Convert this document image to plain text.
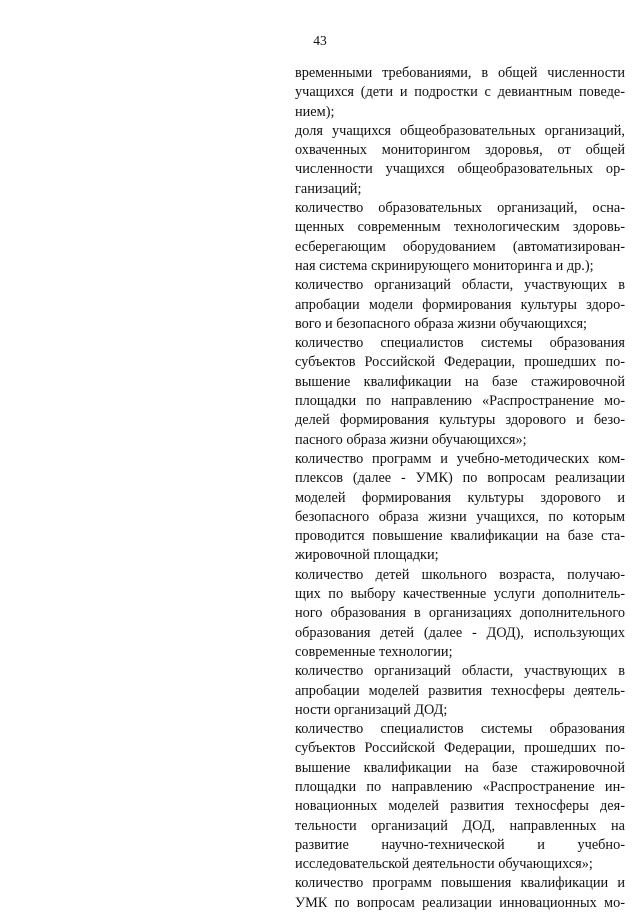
43
временными требованиями, в общей численности
учащихся (дети и подростки с девиантным поведе-
нием);
доля учащихся общеобразовательных организаций,
охваченных мониторингом здоровья, от общей
численности учащихся общеобразовательных ор-
ганизаций;
количество образовательных организаций, осна-
щенных современным технологическим здоровь-
есберегающим оборудованием (автоматизирован-
ная система скринирующего мониторинга и др.);
количество организаций области, участвующих в
апробации модели формирования культуры здоро-
вого и безопасного образа жизни обучающихся;
количество специалистов системы образования
субъектов Российской Федерации, прошедших по-
вышение квалификации на базе стажировочной
площадки по направлению «Распространение мо-
делей формирования культуры здорового и безо-
пасного образа жизни обучающихся»;
количество программ и учебно-методических ком-
плексов (далее - УМК) по вопросам реализации
моделей формирования культуры здорового и
безопасного образа жизни учащихся, по которым
проводится повышение квалификации на базе ста-
жировочной площадки;
количество детей школьного возраста, получаю-
щих по выбору качественные услуги дополнитель-
ного образования в организациях дополнительного
образования детей (далее - ДОД), использующих
современные технологии;
количество организаций области, участвующих в
апробации моделей развития техносферы деятель-
ности организаций ДОД;
количество специалистов системы образования
субъектов Российской Федерации, прошедших по-
вышение квалификации на базе стажировочной
площадки по направлению «Распространение ин-
новационных моделей развития техносферы дея-
тельности организаций ДОД, направленных на
развитие научно-технической и учебно-
исследовательской деятельности обучающихся»;
количество программ повышения квалификации и
УМК по вопросам реализации инновационных мо-
